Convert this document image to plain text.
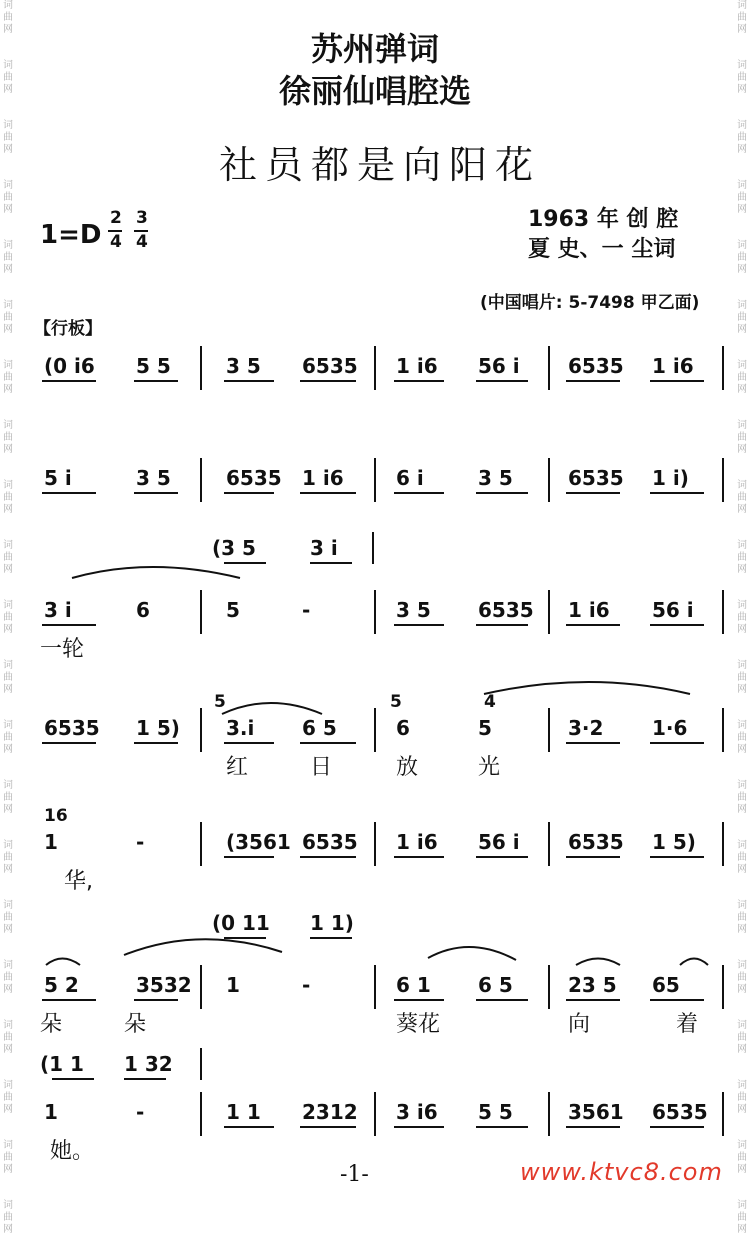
词曲网
词曲网
词曲网
词曲网
词曲网
词曲网
词曲网
词曲网
词曲网
词曲网
词曲网
词曲网
词曲网
词曲网
词曲网
词曲网
词曲网
词曲网
词曲网
词曲网
词曲网
词曲网
词曲网
词曲网
词曲网
词曲网
词曲网
词曲网
词曲网
词曲网
词曲网
词曲网
词曲网
词曲网
词曲网
词曲网
词曲网
词曲网
词曲网
词曲网
词曲网
词曲网
苏州弹词
徐丽仙唱腔选
社员都是向阳花
1=D
2
4
3
4
1963 年 创 腔
夏 史、一 尘词
(中国唱片: 5-7498 甲乙面)
【行板】
(0 i6 5 5	3 5 6535 1 i6 56 i 6535 1 i6
5 i	3 5	6535 1 i6	6 i	3 5	6535 1 i)
3 i	6	5	-	3 5 6535 1 i6 56 i
(3 5	3 i
一轮
6535 1 5) 3.i 6 5	6	5	3·2 1·6
红	日	放	光
5	5	4
1	-	(3561 6535 1 i6 56 i 6535 1 5)
华,
16
5 2	3532 1	-	6 1 6 5	23 5 65
(0 11 1 1)
朵	朵	葵花	向	着
1	-	1 1 2312 3 i6 5 5	3561 6535
(1 1 1 32
她。
-1-	www.ktvc8.com
